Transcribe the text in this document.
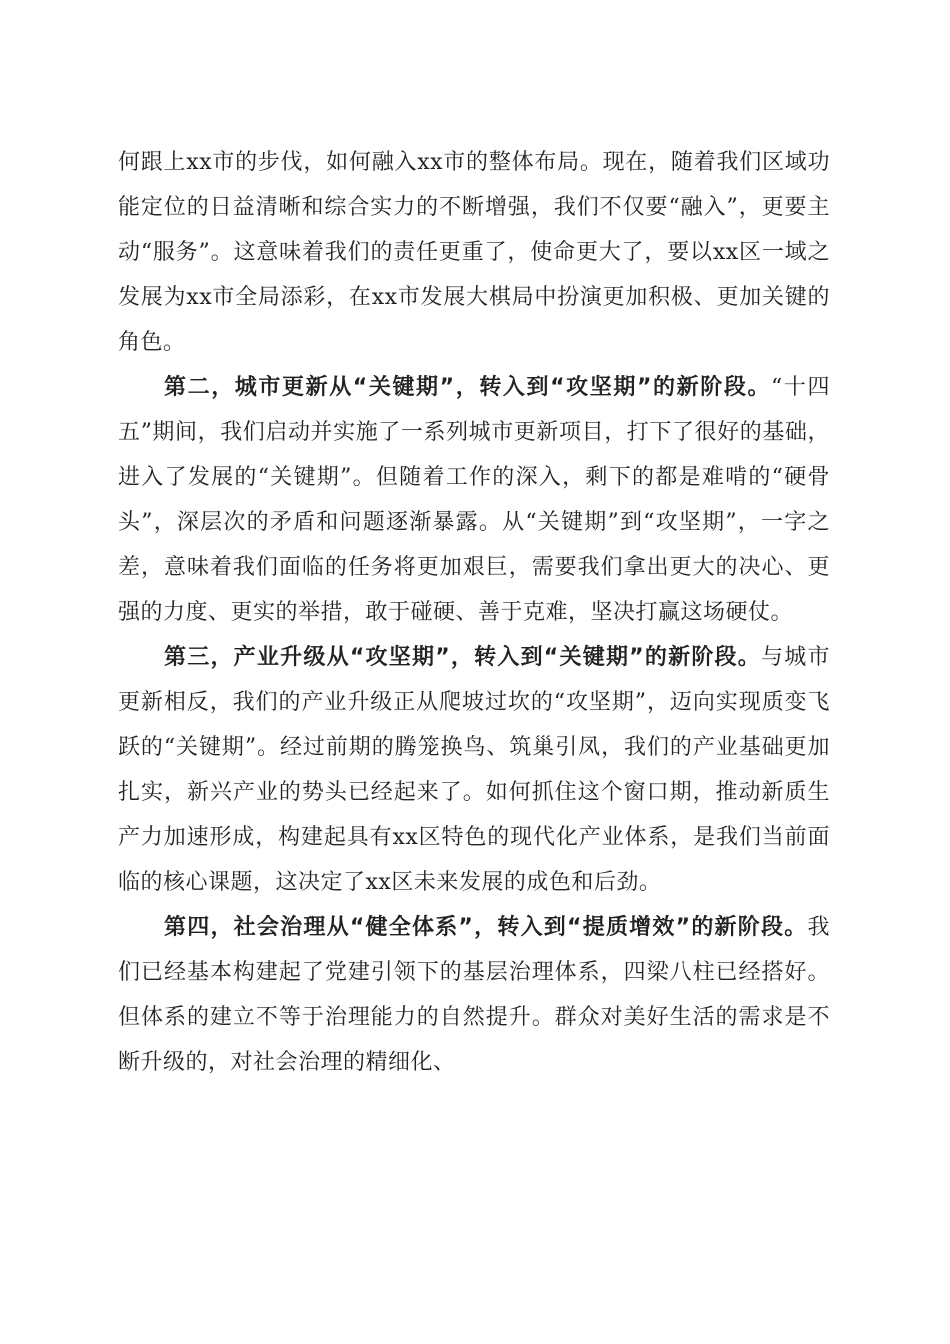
何跟上xx市的步伐，如何融入xx市的整体布局。现在，随着我们区域功能定位的日益清晰和综合实力的不断增强，我们不仅要“融入”，更要主动“服务”。这意味着我们的责任更重了，使命更大了，要以xx区一域之发展为xx市全局添彩，在xx市发展大棋局中扮演更加积极、更加关键的角色。

第二，城市更新从“关键期”，转入到“攻坚期”的新阶段。“十四五”期间，我们启动并实施了一系列城市更新项目，打下了很好的基础，进入了发展的“关键期”。但随着工作的深入，剩下的都是难啃的“硬骨头”，深层次的矛盾和问题逐渐暴露。从“关键期”到“攻坚期”，一字之差，意味着我们面临的任务将更加艰巨，需要我们拿出更大的决心、更强的力度、更实的举措，敢于碰硬、善于克难，坚决打赢这场硬仗。

第三，产业升级从“攻坚期”，转入到“关键期”的新阶段。与城市更新相反，我们的产业升级正从爬坡过坎的“攻坚期”，迈向实现质变飞跃的“关键期”。经过前期的腾笼换鸟、筑巢引凤，我们的产业基础更加扎实，新兴产业的势头已经起来了。如何抓住这个窗口期，推动新质生产力加速形成，构建起具有xx区特色的现代化产业体系，是我们当前面临的核心课题，这决定了xx区未来发展的成色和后劲。

第四，社会治理从“健全体系”，转入到“提质增效”的新阶段。我们已经基本构建起了党建引领下的基层治理体系，四梁八柱已经搭好。但体系的建立不等于治理能力的自然提升。群众对美好生活的需求是不断升级的，对社会治理的精细化、
